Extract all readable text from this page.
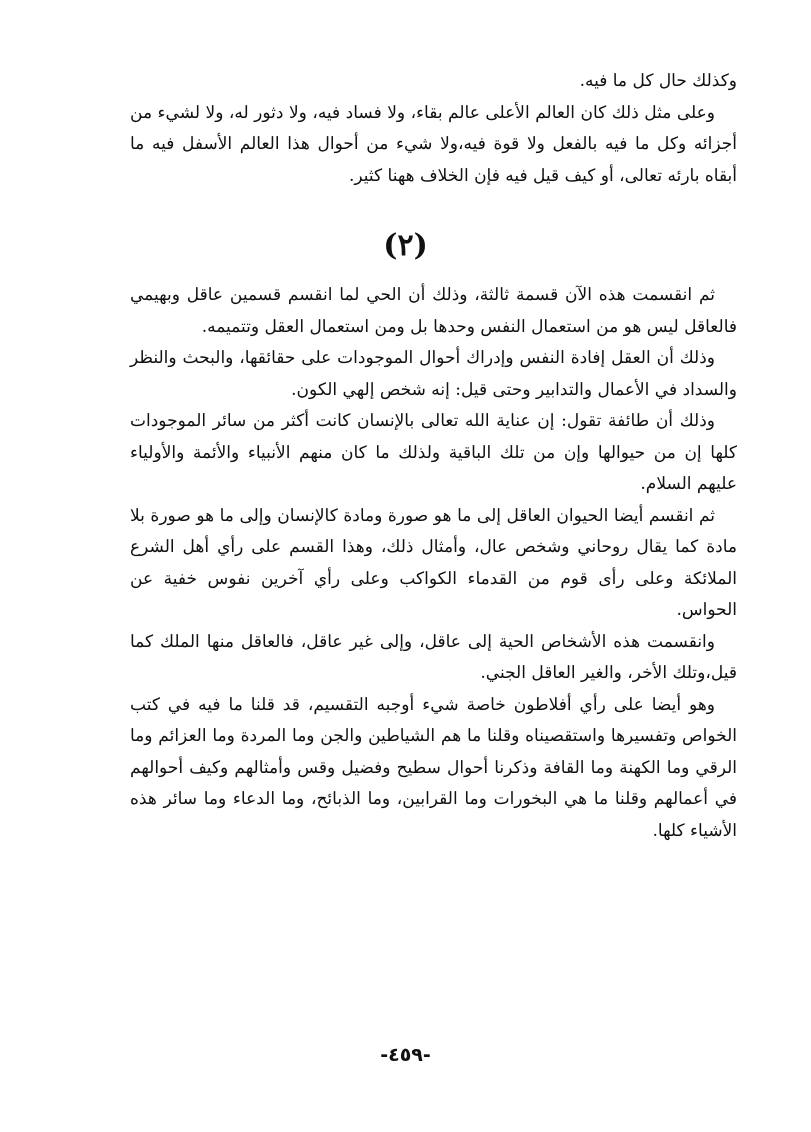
وكذلك حال كل ما فيه.

وعلى مثل ذلك كان العالم الأعلى عالم بقاء، ولا فساد فيه، ولا دثور له، ولا لشيء من أجزائه وكل ما فيه بالفعل ولا قوة فيه،ولا شيء من أحوال هذا العالم الأسفل فيه ما أبقاه بارئه تعالى، أو كيف قيل فيه فإن الخلاف ههنا كثير.

(٢)

ثم انقسمت هذه الآن قسمة ثالثة، وذلك أن الحي لما انقسم قسمين عاقل وبهيمي فالعاقل ليس هو من استعمال النفس وحدها بل ومن استعمال العقل وتتميمه.

وذلك أن العقل إفادة النفس وإدراك أحوال الموجودات على حقائقها، والبحث والنظر والسداد في الأعمال والتدابير وحتى قيل: إنه شخص إلهي الكون.

وذلك أن طائفة تقول: إن عناية الله تعالى بالإنسان كانت أكثر من سائر الموجودات كلها إن من حيوالها وإن من تلك الباقية ولذلك ما كان منهم الأنبياء والأئمة والأولياء عليهم السلام.

ثم انقسم أيضا الحيوان العاقل إلى ما هو صورة ومادة كالإنسان وإلى ما هو صورة بلا مادة كما يقال روحاني وشخص عال، وأمثال ذلك، وهذا القسم على رأي أهل الشرع الملائكة وعلى رأى قوم من القدماء الكواكب وعلى رأي آخرين نفوس خفية عن الحواس.

وانقسمت هذه الأشخاص الحية إلى عاقل، وإلى غير عاقل، فالعاقل منها الملك كما قيل،وتلك الأخر، والغير العاقل الجني.

وهو أيضا على رأي أفلاطون خاصة شيء أوجبه التقسيم، قد قلنا ما فيه في كتب الخواص وتفسيرها واستقصيناه وقلنا ما هم الشياطين والجن وما المردة وما العزائم وما الرقي وما الكهنة وما القافة وذكرنا أحوال سطيح وفضيل وقس وأمثالهم وكيف أحوالهم في أعمالهم وقلنا ما هي البخورات وما القرابين، وما الذبائح، وما الدعاء وما سائر هذه الأشياء كلها.

-٤٥٩-
